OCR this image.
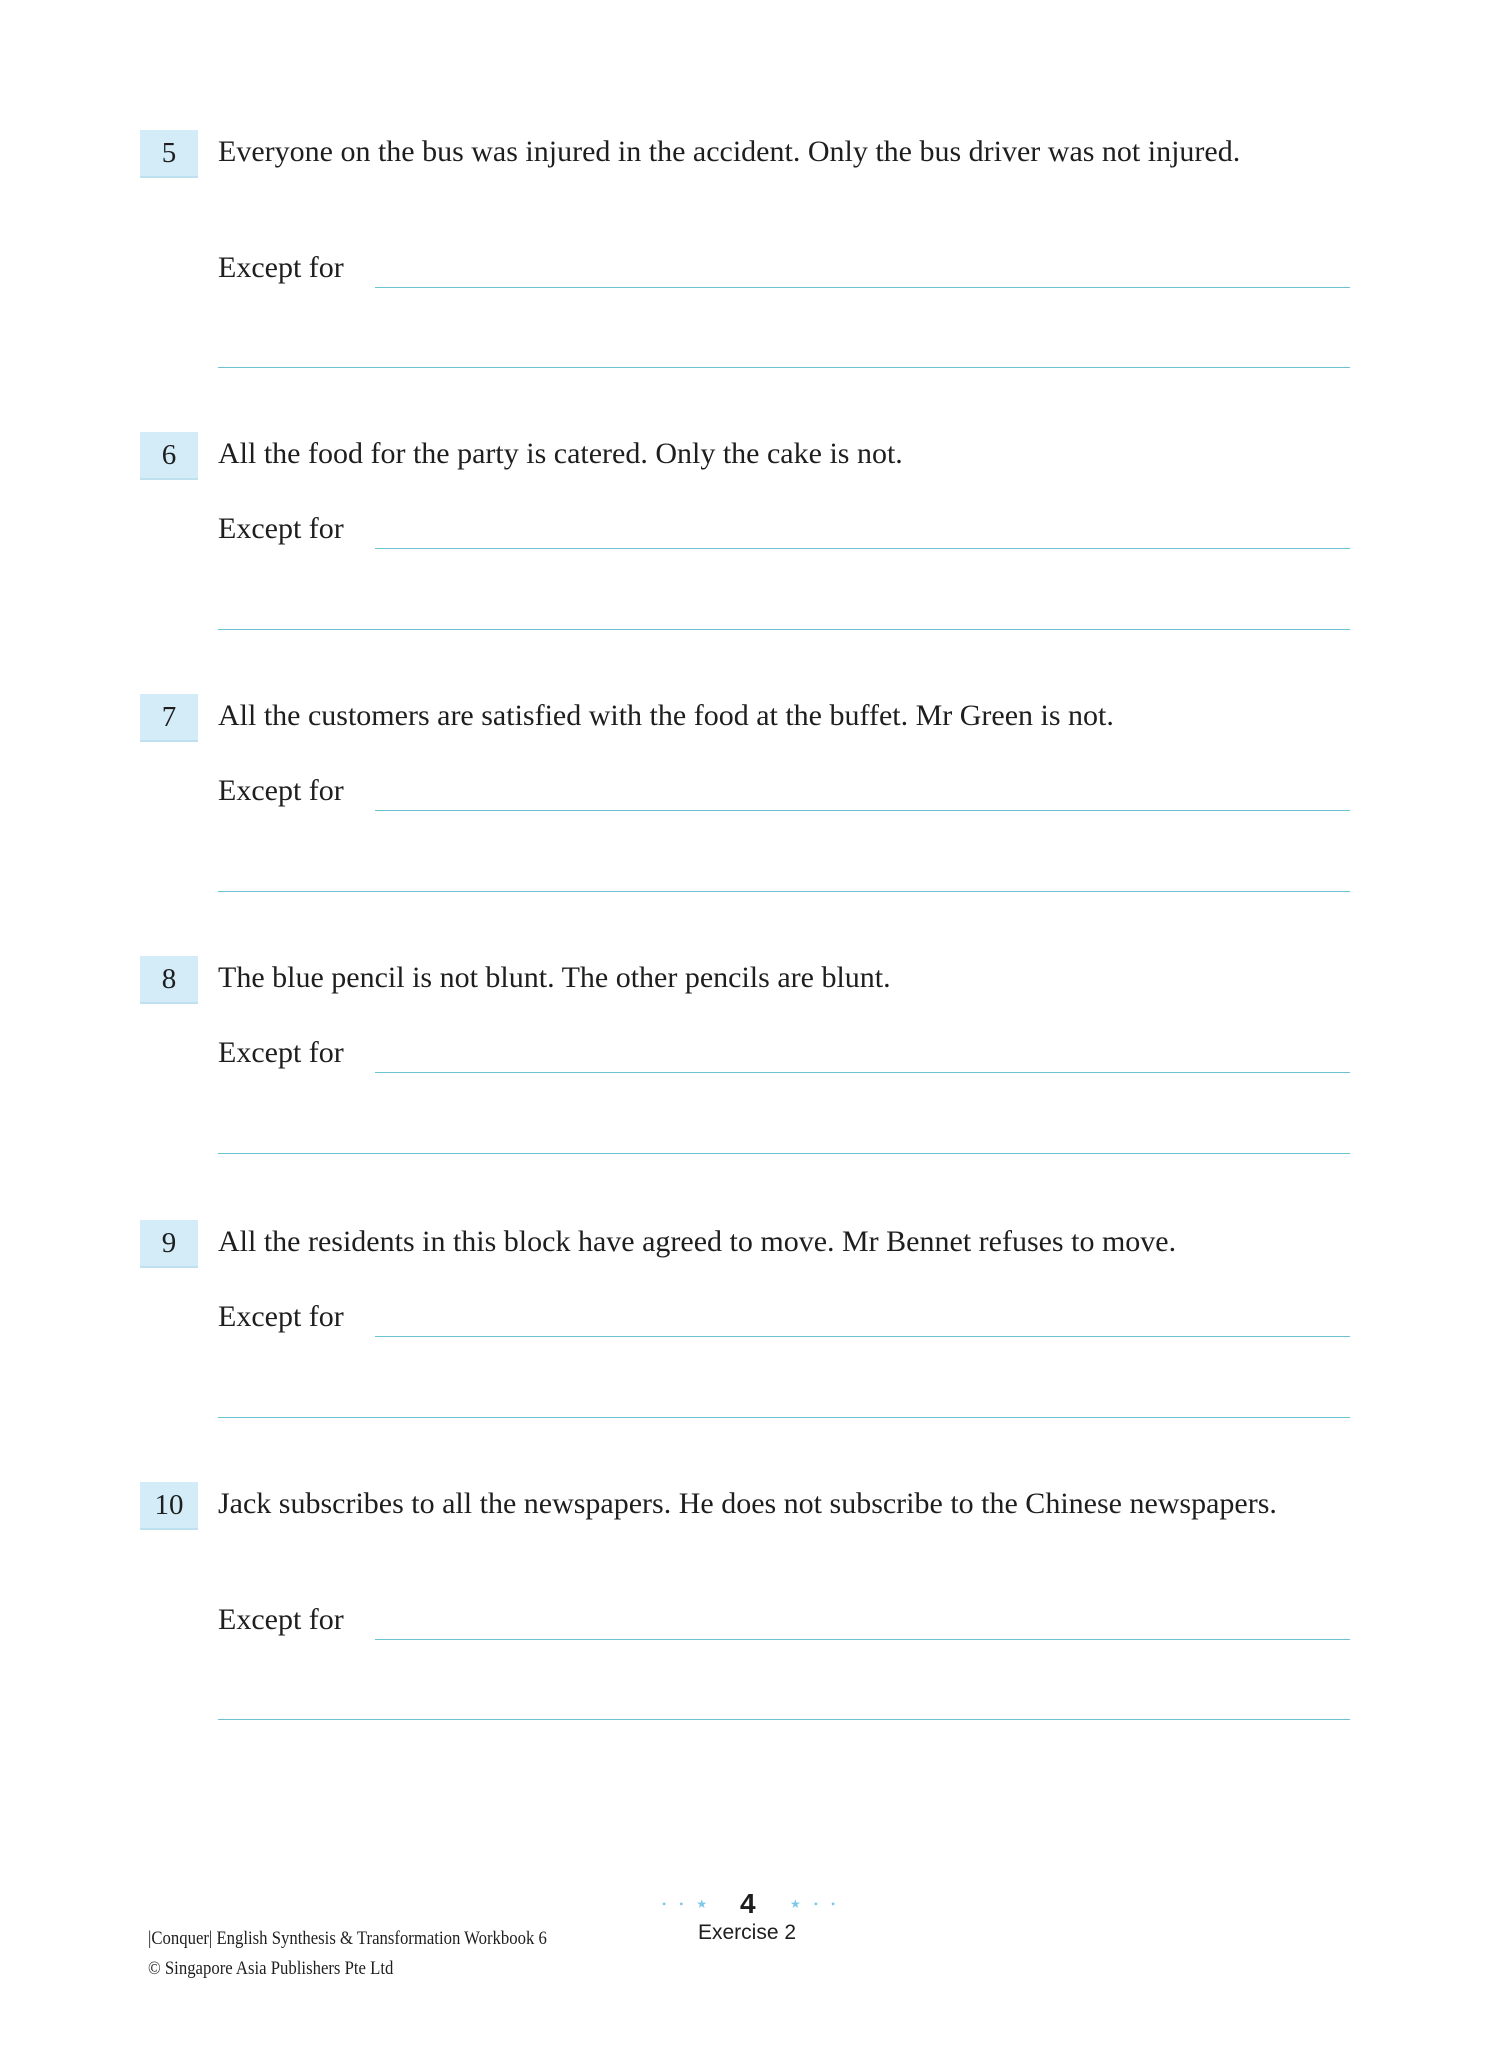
5	Everyone on the bus was injured in the accident. Only the bus driver was not injured.
Except for
6	All the food for the party is catered. Only the cake is not.
Except for
7	All the customers are satisfied with the food at the buffet. Mr Green is not.
Except for
8	The blue pencil is not blunt. The other pencils are blunt.
Except for
9	All the residents in this block have agreed to move. Mr Bennet refuses to move.
Except for
10	Jack subscribes to all the newspapers. He does not subscribe to the Chinese newspapers.
Except for
|Conquer| English Synthesis & Transformation Workbook 6
© Singapore Asia Publishers Pte Ltd
• • ★ 4	★ • •
Exercise 2
